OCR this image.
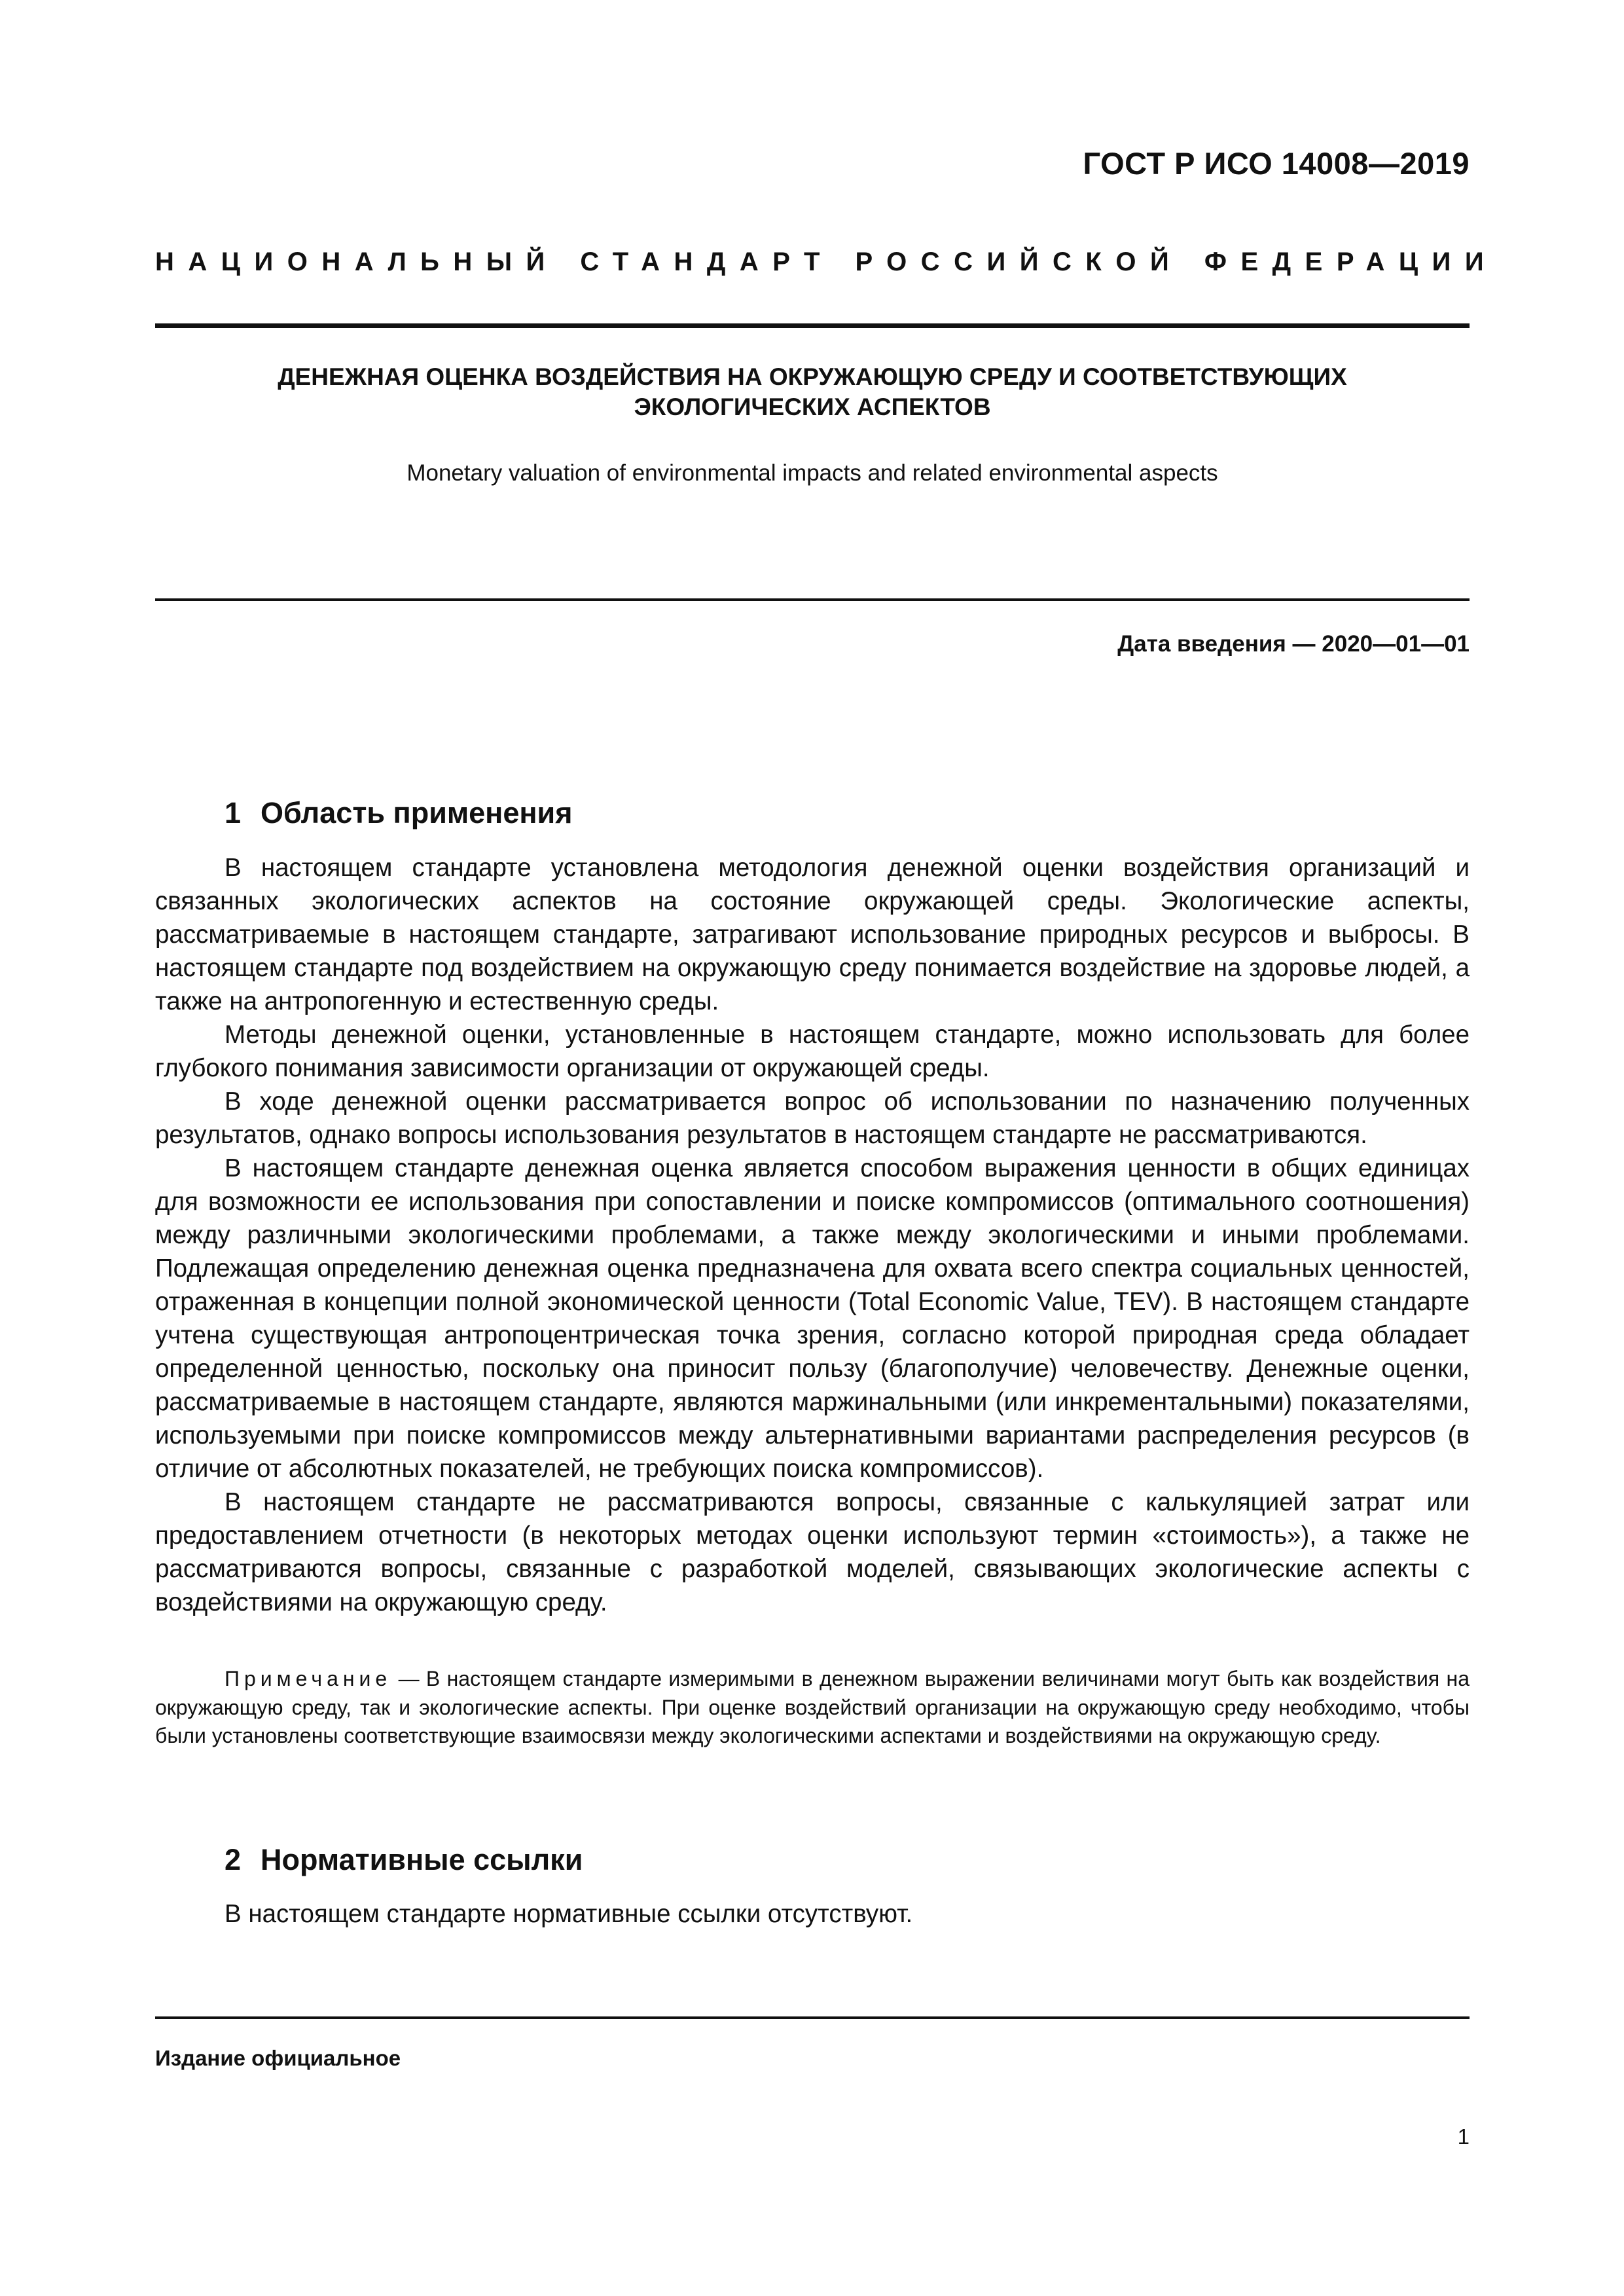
ГОСТ Р ИСО 14008—2019
НАЦИОНАЛЬНЫЙ СТАНДАРТ РОССИЙСКОЙ ФЕДЕРАЦИИ
ДЕНЕЖНАЯ ОЦЕНКА ВОЗДЕЙСТВИЯ НА ОКРУЖАЮЩУЮ СРЕДУ И СООТВЕТСТВУЮЩИХ
ЭКОЛОГИЧЕСКИХ АСПЕКТОВ
Monetary valuation of environmental impacts and related environmental aspects
Дата введения — 2020—01—01
1 Область применения

В настоящем стандарте установлена методология денежной оценки воздействия организаций и связанных экологических аспектов на состояние окружающей среды. Экологические аспекты, рассматриваемые в настоящем стандарте, затрагивают использование природных ресурсов и выбросы. В настоящем стандарте под воздействием на окружающую среду понимается воздействие на здоровье людей, а также на антропогенную и естественную среды.

Методы денежной оценки, установленные в настоящем стандарте, можно использовать для более глубокого понимания зависимости организации от окружающей среды.

В ходе денежной оценки рассматривается вопрос об использовании по назначению полученных результатов, однако вопросы использования результатов в настоящем стандарте не рассматриваются.

В настоящем стандарте денежная оценка является способом выражения ценности в общих единицах для возможности ее использования при сопоставлении и поиске компромиссов (оптимального соотношения) между различными экологическими проблемами, а также между экологическими и иными проблемами. Подлежащая определению денежная оценка предназначена для охвата всего спектра социальных ценностей, отраженная в концепции полной экономической ценности (Total Economic Value, TEV). В настоящем стандарте учтена существующая антропоцентрическая точка зрения, согласно которой природная среда обладает определенной ценностью, поскольку она приносит пользу (благополучие) человечеству. Денежные оценки, рассматриваемые в настоящем стандарте, являются маржинальными (или инкрементальными) показателями, используемыми при поиске компромиссов между альтернативными вариантами распределения ресурсов (в отличие от абсолютных показателей, не требующих поиска компромиссов).

В настоящем стандарте не рассматриваются вопросы, связанные с калькуляцией затрат или предоставлением отчетности (в некоторых методах оценки используют термин «стоимость»), а также не рассматриваются вопросы, связанные с разработкой моделей, связывающих экологические аспекты с воздействиями на окружающую среду.

Примечание — В настоящем стандарте измеримыми в денежном выражении величинами могут быть как воздействия на окружающую среду, так и экологические аспекты. При оценке воздействий организации на окружающую среду необходимо, чтобы были установлены соответствующие взаимосвязи между экологическими аспектами и воздействиями на окружающую среду.

2 Нормативные ссылки
В настоящем стандарте нормативные ссылки отсутствуют.
Издание официальное
1
